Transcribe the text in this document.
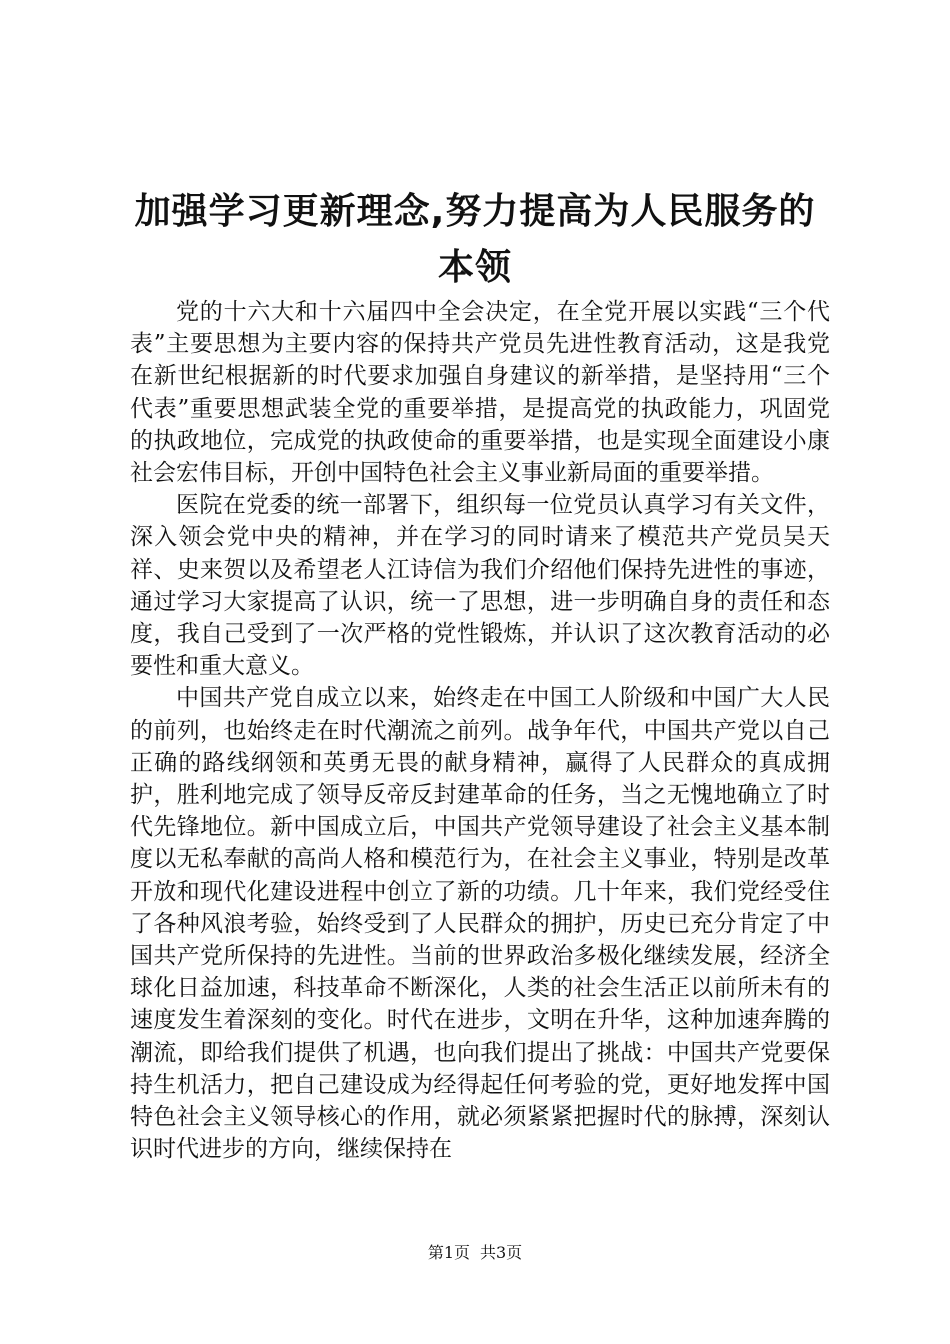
加强学习更新理念,努力提高为人民服务的本领

党的十六大和十六届四中全会决定，在全党开展以实践“三个代表”主要思想为主要内容的保持共产党员先进性教育活动，这是我党在新世纪根据新的时代要求加强自身建议的新举措，是坚持用“三个代表”重要思想武装全党的重要举措，是提高党的执政能力，巩固党的执政地位，完成党的执政使命的重要举措，也是实现全面建设小康社会宏伟目标，开创中国特色社会主义事业新局面的重要举措。

医院在党委的统一部署下，组织每一位党员认真学习有关文件，深入领会党中央的精神，并在学习的同时请来了模范共产党员吴天祥、史来贺以及希望老人江诗信为我们介绍他们保持先进性的事迹，通过学习大家提高了认识，统一了思想，进一步明确自身的责任和态度，我自己受到了一次严格的党性锻炼，并认识了这次教育活动的必要性和重大意义。

中国共产党自成立以来，始终走在中国工人阶级和中国广大人民的前列，也始终走在时代潮流之前列。战争年代，中国共产党以自己正确的路线纲领和英勇无畏的献身精神，赢得了人民群众的真成拥护，胜利地完成了领导反帝反封建革命的任务，当之无愧地确立了时代先锋地位。新中国成立后，中国共产党领导建设了社会主义基本制度以无私奉献的高尚人格和模范行为，在社会主义事业，特别是改革开放和现代化建设进程中创立了新的功绩。几十年来，我们党经受住了各种风浪考验，始终受到了人民群众的拥护，历史已充分肯定了中国共产党所保持的先进性。当前的世界政治多极化继续发展，经济全球化日益加速，科技革命不断深化，人类的社会生活正以前所未有的速度发生着深刻的变化。时代在进步，文明在升华，这种加速奔腾的潮流，即给我们提供了机遇，也向我们提出了挑战：中国共产党要保持生机活力，把自己建设成为经得起任何考验的党，更好地发挥中国特色社会主义领导核心的作用，就必须紧紧把握时代的脉搏，深刻认识时代进步的方向，继续保持在

第1页 共3页
